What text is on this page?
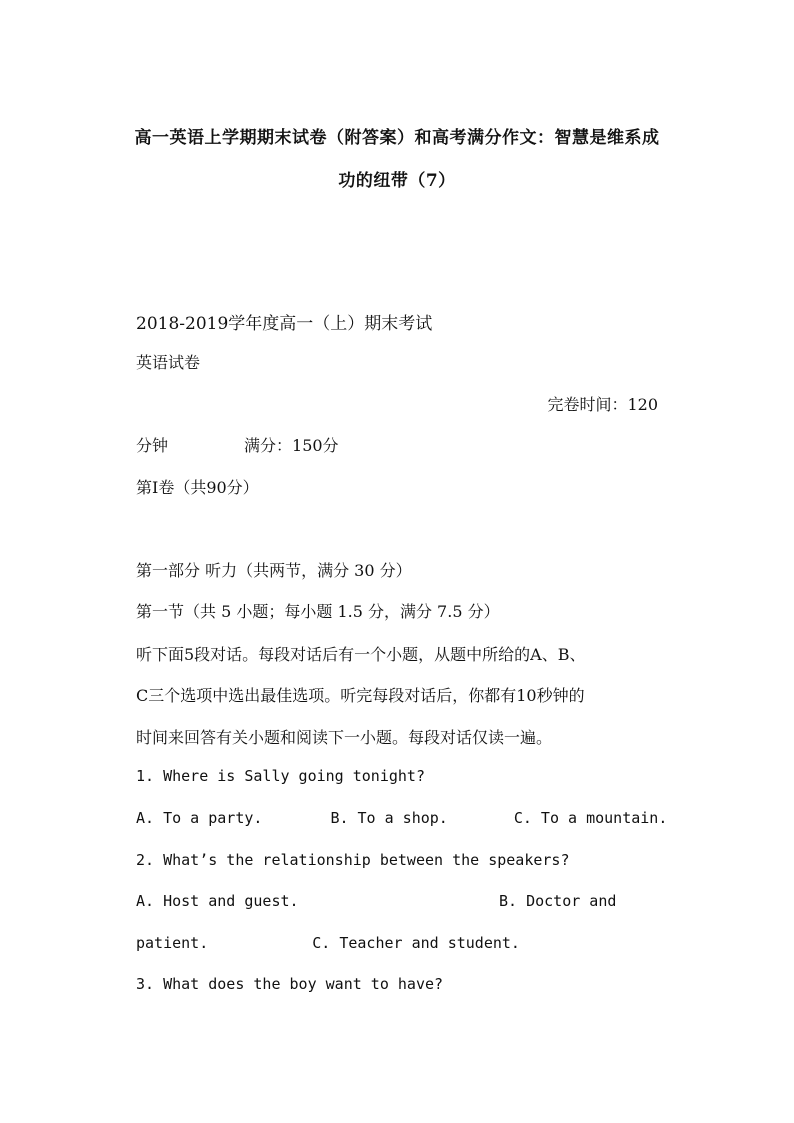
高一英语上学期期末试卷（附答案）和高考满分作文：智慧是维系成
功的纽带（7）
2018-2019学年度高一（上）期末考试
英语试卷
完卷时间：120
分钟	满分：150分
第Ⅰ卷（共90分）
第一部分 听力（共两节，满分 30 分）
第一节（共 5 小题；每小题 1.5 分，满分 7.5 分）
听下面5段对话。每段对话后有一个小题，从题中所给的A、B、
C三个选项中选出最佳选项。听完每段对话后，你都有10秒钟的
时间来回答有关小题和阅读下一小题。每段对话仅读一遍。
1. Where is Sally going tonight?
A. To a party.	B. To a shop.	C. To a mountain.
2. What’s the relationship between the speakers?
A. Host and guest.	B. Doctor and
patient.	C. Teacher and student.
3. What does the boy want to have?
